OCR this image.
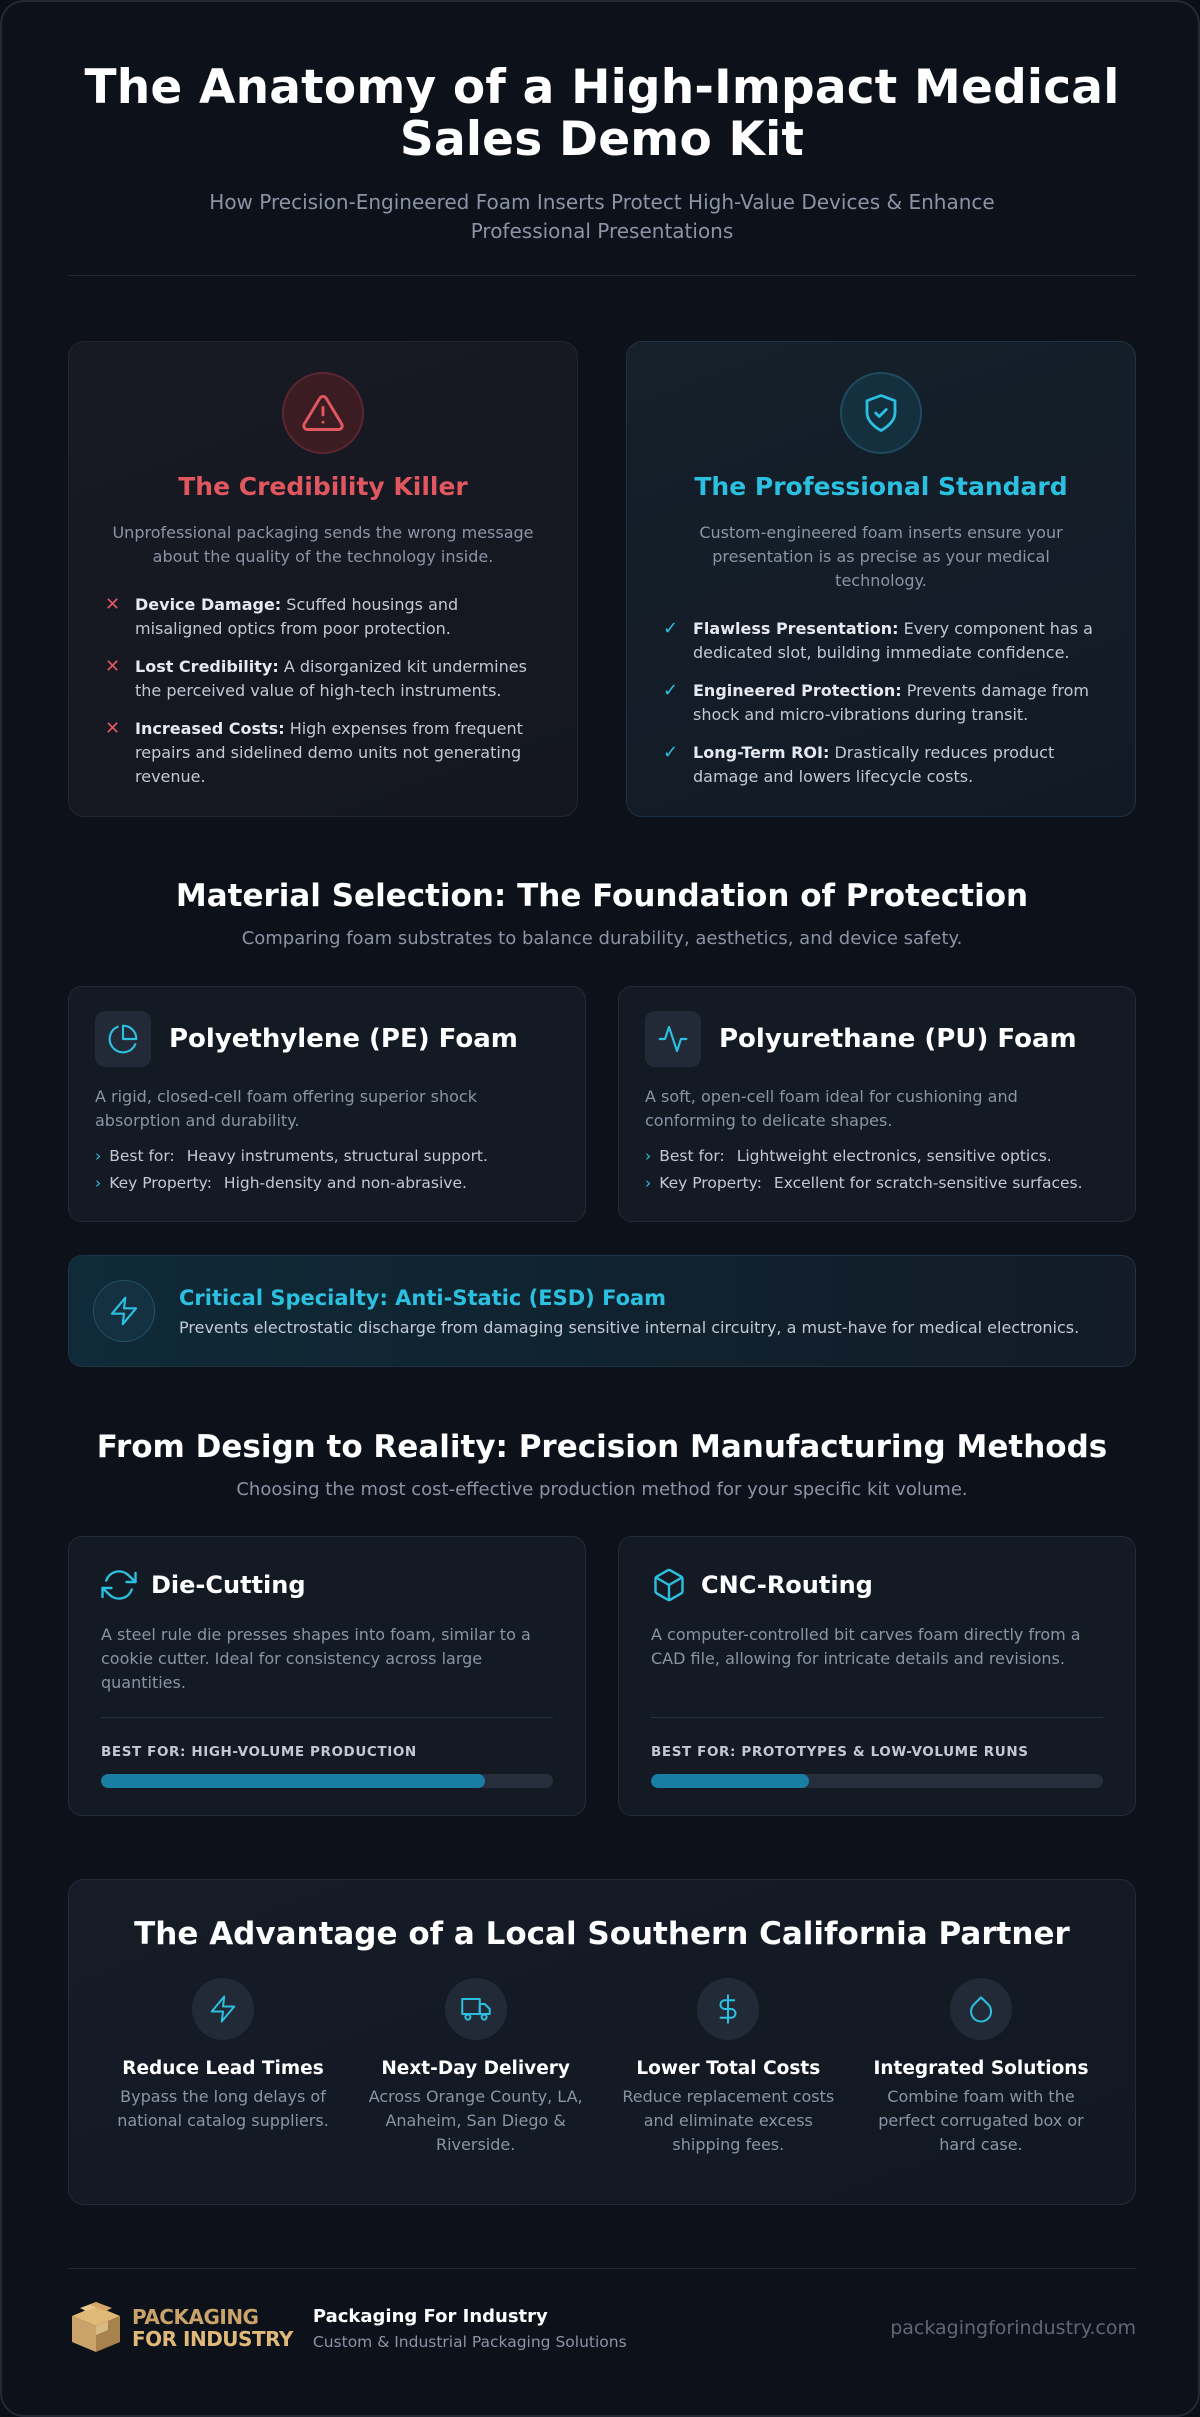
The Anatomy of a High-Impact Medical Sales Demo Kit

How Precision-Engineered Foam Inserts Protect High-Value Devices & Enhance Professional Presentations

The Credibility Killer

Unprofessional packaging sends the wrong message about the quality of the technology inside.

✕ Device Damage: Scuffed housings and misaligned optics from poor protection.
✕ Lost Credibility: A disorganized kit undermines the perceived value of high-tech instruments.
✕ Increased Costs: High expenses from frequent repairs and sidelined demo units not generating revenue.
The Professional Standard

Custom-engineered foam inserts ensure your presentation is as precise as your medical technology.

✓ Flawless Presentation: Every component has a dedicated slot, building immediate confidence.
✓ Engineered Protection: Prevents damage from shock and micro-vibrations during transit.
✓ Long-Term ROI: Drastically reduces product damage and lowers lifecycle costs.
Material Selection: The Foundation of Protection

Comparing foam substrates to balance durability, aesthetics, and device safety.

Polyethylene (PE) Foam

A rigid, closed-cell foam offering superior shock absorption and durability.

› Best for: Heavy instruments, structural support.
› Key Property: High-density and non-abrasive.
Polyurethane (PU) Foam

A soft, open-cell foam ideal for cushioning and conforming to delicate shapes.

› Best for: Lightweight electronics, sensitive optics.
› Key Property: Excellent for scratch-sensitive surfaces.
Critical Specialty: Anti-Static (ESD) Foam

Prevents electrostatic discharge from damaging sensitive internal circuitry, a must-have for medical electronics.

From Design to Reality: Precision Manufacturing Methods

Choosing the most cost-effective production method for your specific kit volume.

Die-Cutting

A steel rule die presses shapes into foam, similar to a cookie cutter. Ideal for consistency across large quantities.

BEST FOR: HIGH-VOLUME PRODUCTION
CNC-Routing

A computer-controlled bit carves foam directly from a CAD file, allowing for intricate details and revisions.

BEST FOR: PROTOTYPES & LOW-VOLUME RUNS
The Advantage of a Local Southern California Partner
Reduce Lead Times

Bypass the long delays of national catalog suppliers.

Next-Day Delivery

Across Orange County, LA, Anaheim, San Diego & Riverside.

Lower Total Costs

Reduce replacement costs and eliminate excess shipping fees.

Integrated Solutions

Combine foam with the perfect corrugated box or hard case.

PACKAGING
FOR INDUSTRY
Packaging For Industry
Custom & Industrial Packaging Solutions
packagingforindustry.com
